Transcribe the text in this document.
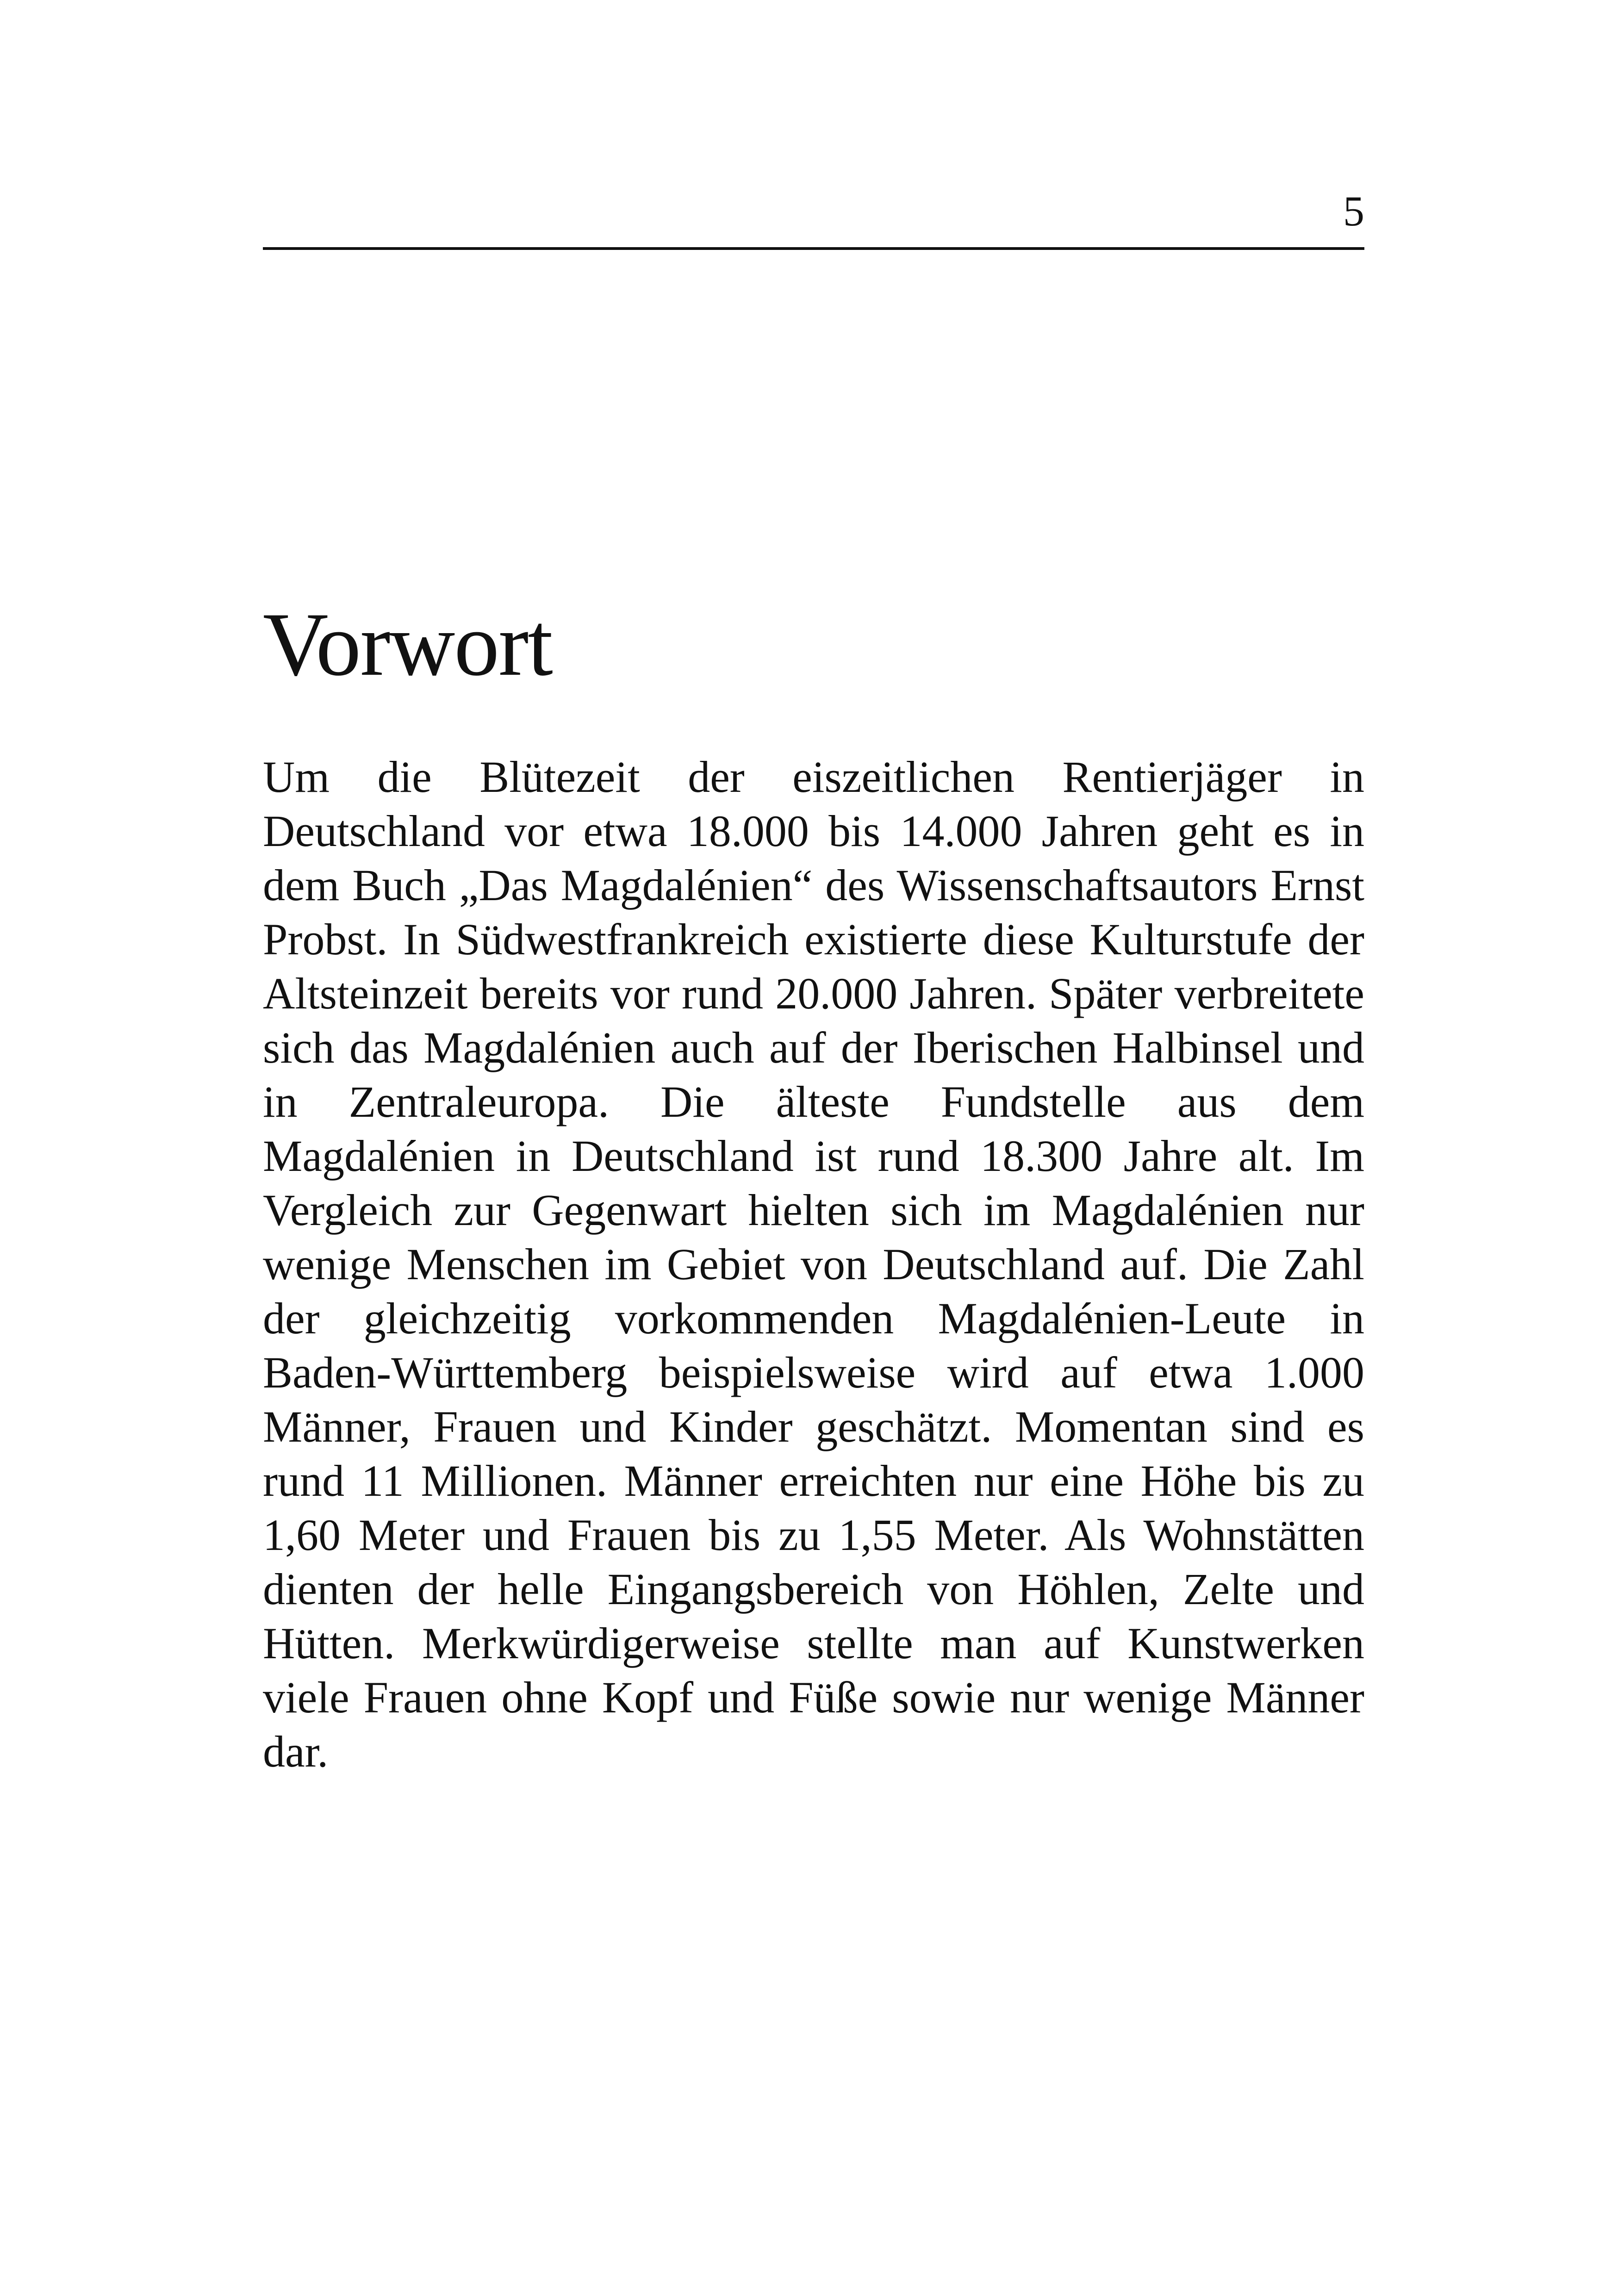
5
Vorwort

Um die Blütezeit der eiszeitlichen Rentierjäger in Deutschland vor etwa 18.000 bis 14.000 Jahren geht es in dem Buch „Das Magdalénien“ des Wissenschaftsautors Ernst Probst. In Südwestfrankreich existierte diese Kulturstufe der Altsteinzeit bereits vor rund 20.000 Jahren. Später verbreitete sich das Magdalénien auch auf der Iberischen Halbinsel und in Zentraleuropa. Die älteste Fundstelle aus dem Magdalénien in Deutschland ist rund 18.300 Jahre alt. Im Vergleich zur Gegenwart hielten sich im Magdalénien nur wenige Menschen im Gebiet von Deutschland auf. Die Zahl der gleichzeitig vorkommenden Magdalénien-Leute in Baden-Württemberg beispielsweise wird auf etwa 1.000 Männer, Frauen und Kinder geschätzt. Momentan sind es rund 11 Millionen. Männer erreichten nur eine Höhe bis zu 1,60 Meter und Frauen bis zu 1,55 Meter. Als Wohnstätten dienten der helle Eingangsbereich von Höhlen, Zelte und Hütten. Merkwürdigerweise stellte man auf Kunstwerken viele Frauen ohne Kopf und Füße sowie nur wenige Männer dar.
